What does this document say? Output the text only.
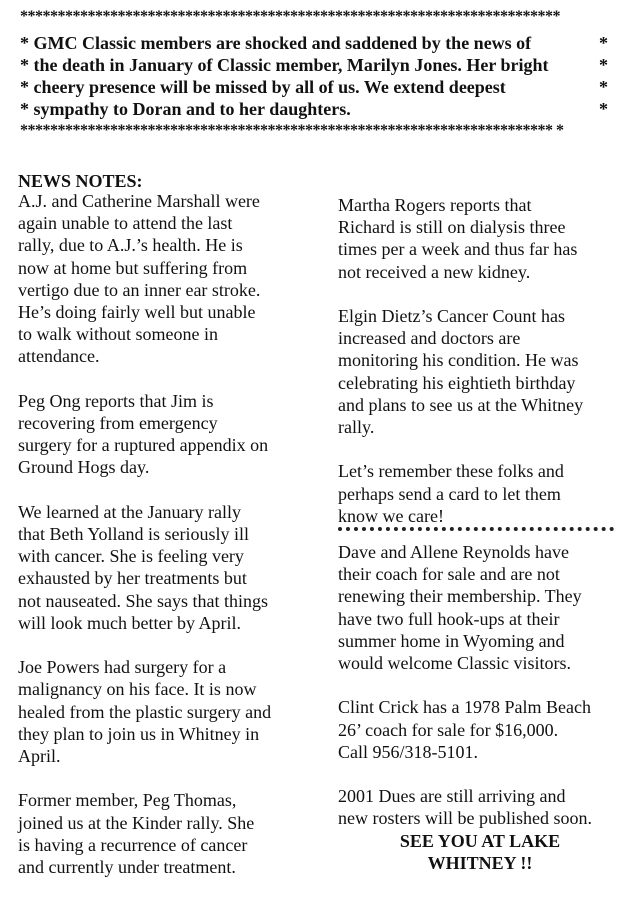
************************************************************************
* GMC Classic members are shocked and saddened by the news of	*
* the death in January of Classic member, Marilyn Jones. Her bright	*
* cheery presence will be missed by all of us. We extend deepest	*
* sympathy to Doran and to her daughters.	*
*********************************************************************** *
NEWS NOTES:

A.J. and Catherine Marshall were
again unable to attend the last
rally, due to A.J.’s health. He is
now at home but suffering from
vertigo due to an inner ear stroke.
He’s doing fairly well but unable
to walk without someone in
attendance.

Peg Ong reports that Jim is
recovering from emergency
surgery for a ruptured appendix on
Ground Hogs day.

We learned at the January rally
that Beth Yolland is seriously ill
with cancer. She is feeling very
exhausted by her treatments but
not nauseated. She says that things
will look much better by April.

Joe Powers had surgery for a
malignancy on his face. It is now
healed from the plastic surgery and
they plan to join us in Whitney in
April.

Former member, Peg Thomas,
joined us at the Kinder rally. She
is having a recurrence of cancer
and currently under treatment.

Martha Rogers reports that
Richard is still on dialysis three
times per a week and thus far has
not received a new kidney.

Elgin Dietz’s Cancer Count has
increased and doctors are
monitoring his condition. He was
celebrating his eightieth birthday
and plans to see us at the Whitney
rally.

Let’s remember these folks and
perhaps send a card to let them
know we care!

Dave and Allene Reynolds have
their coach for sale and are not
renewing their membership. They
have two full hook-ups at their
summer home in Wyoming and
would welcome Classic visitors.

Clint Crick has a 1978 Palm Beach
26’ coach for sale for $16,000.
Call 956/318-5101.

2001 Dues are still arriving and
new rosters will be published soon.

SEE YOU AT LAKE
WHITNEY !!
